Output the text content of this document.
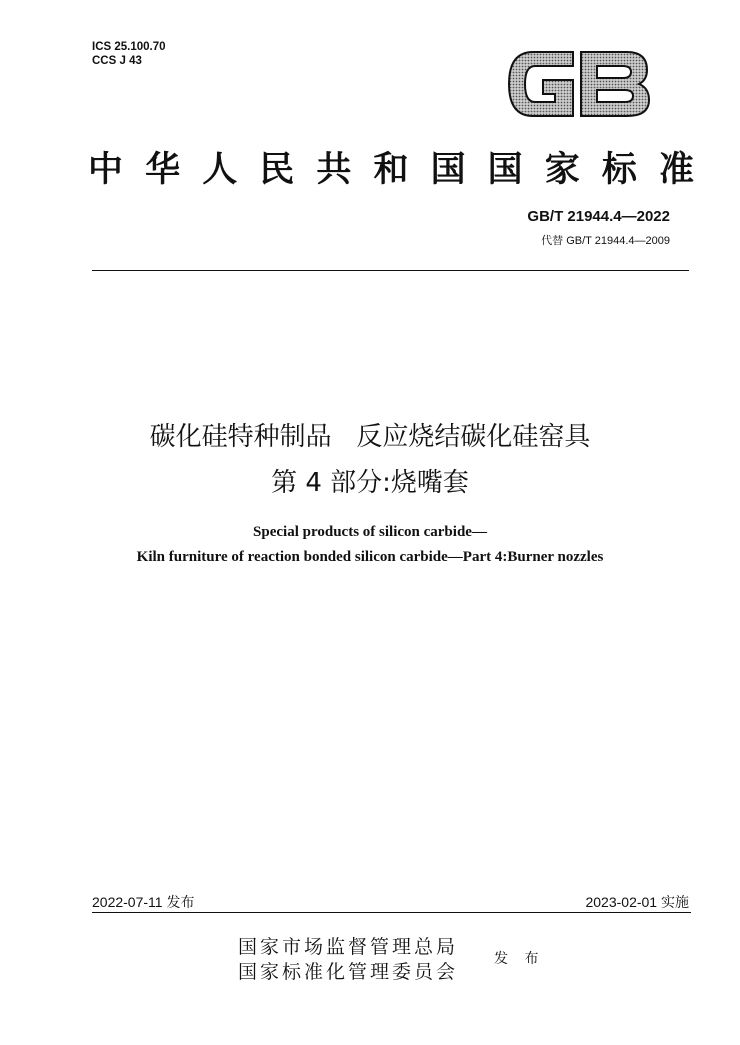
ICS 25.100.70
CCS J 43
中 华 人 民 共 和 国 国 家 标 准
GB/T 21944.4—2022
代替 GB/T 21944.4—2009
碳化硅特种制品   反应烧结碳化硅窑具
第 4 部分:烧嘴套
Special products of silicon carbide—
Kiln furniture of reaction bonded silicon carbide—Part 4:Burner nozzles
2022-07-11 发布	2023-02-01 实施
国家市场监督管理总局
国家标准化管理委员会
发 布
